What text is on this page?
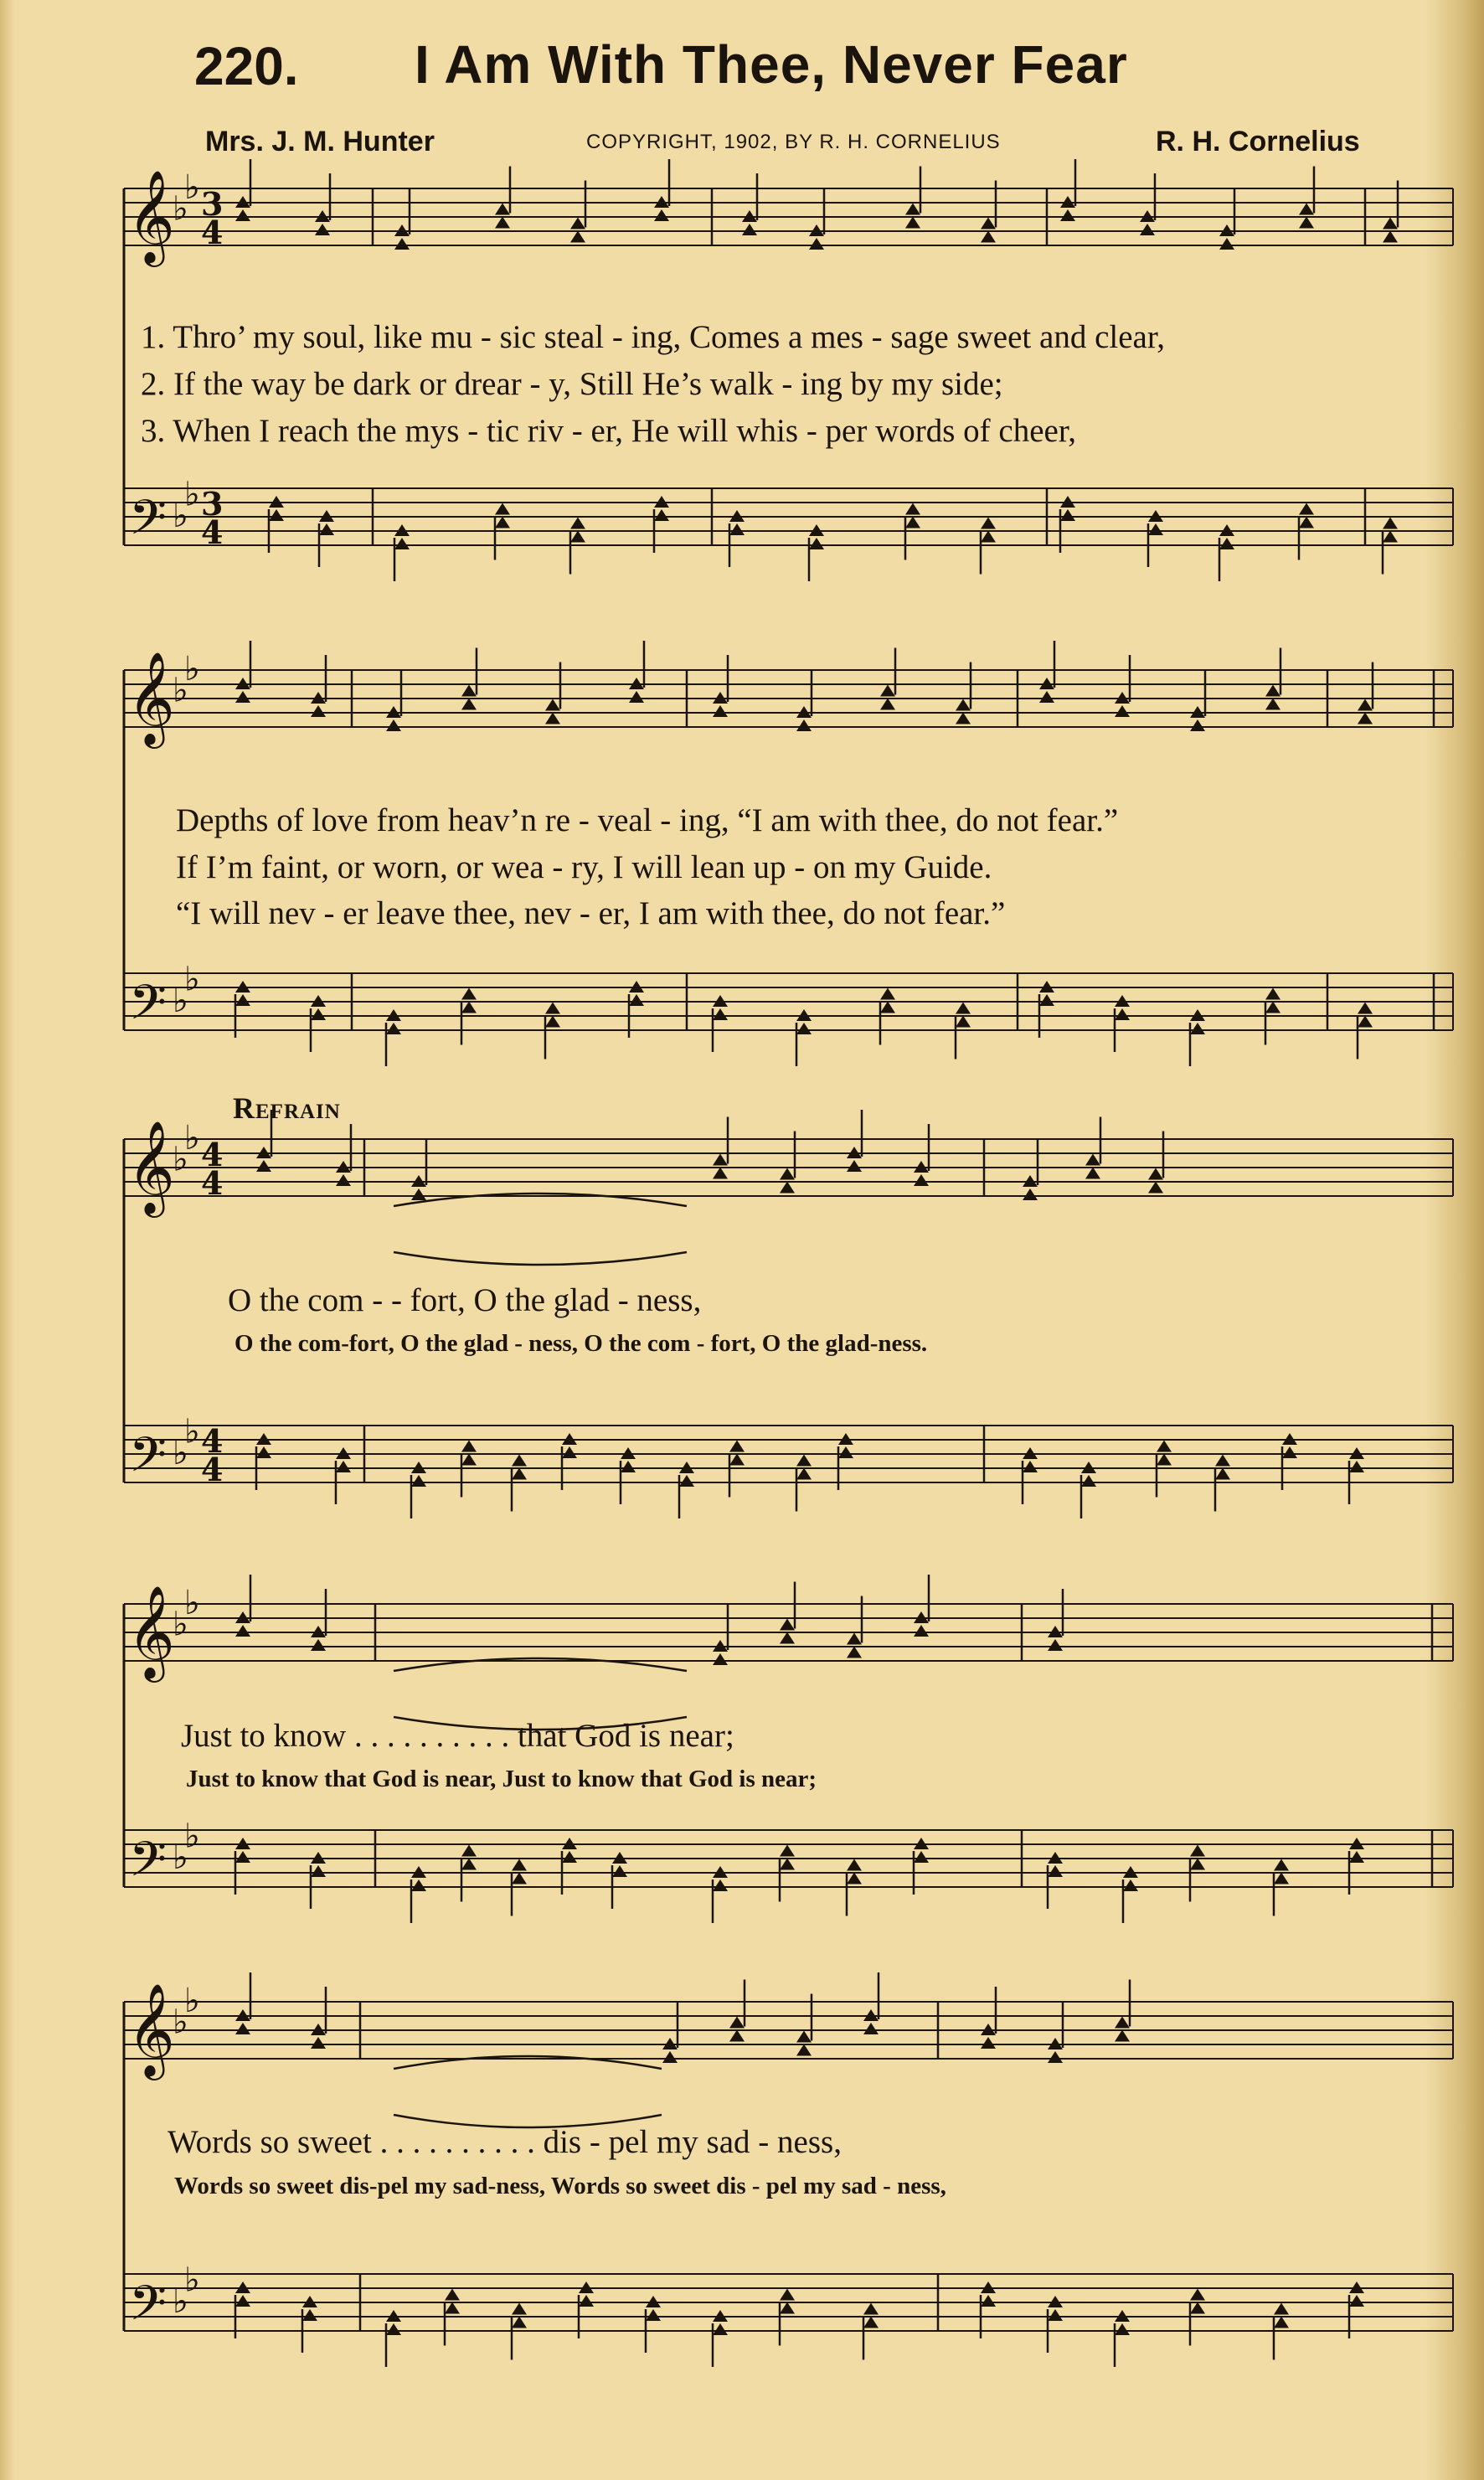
220. I Am With Thee, Never Fear
Mrs. J. M. Hunter	COPYRIGHT, 1902, BY R. H. CORNELIUS	R. H. Cornelius
𝄞
𝄢
♭
♭
♭
♭
3
4
3
4
𝄞
𝄢
♭
♭
♭
♭
𝄞
𝄢
♭
♭
♭
♭
4
4
4
4
𝄞
𝄢
♭
♭
♭
♭
𝄞
𝄢
♭
♭
♭
♭
1. Thro’ my soul, like mu - sic steal - ing, Comes a mes - sage sweet and clear,
2. If the way be dark or drear - y, Still He’s walk - ing by my side;
3. When I reach the mys - tic riv - er, He will whis - per words of cheer,
Depths of love from heav’n re - veal - ing, “I am with thee, do not fear.”
If I’m faint, or worn, or wea - ry, I will lean up - on my Guide.
“I will nev - er leave thee, nev - er, I am with thee, do not fear.”
Refrain
O the com - - fort, O the glad - ness,
O the com-fort, O the glad - ness, O the com - fort, O the glad-ness.
Just to know . . . . . . . . . . that God is near;
Just to know that God is near, Just to know that God is near;
Words so sweet . . . . . . . . . . dis - pel my sad - ness,
Words so sweet dis-pel my sad-ness, Words so sweet dis - pel my sad - ness,
